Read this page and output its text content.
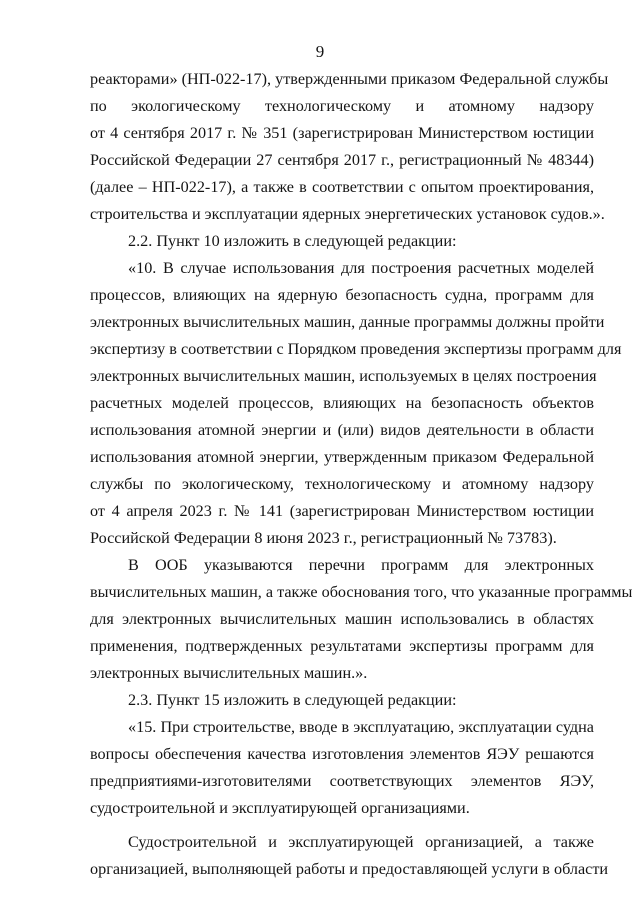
9
реакторами» (НП-022-17), утвержденными приказом Федеральной службы
по экологическому технологическому и атомному надзору
от 4 сентября 2017 г. № 351 (зарегистрирован Министерством юстиции
Российской Федерации 27 сентября 2017 г., регистрационный № 48344)
(далее – НП-022-17), а также в соответствии с опытом проектирования,
строительства и эксплуатации ядерных энергетических установок судов.».
2.2. Пункт 10 изложить в следующей редакции:
«10. В случае использования для построения расчетных моделей
процессов, влияющих на ядерную безопасность судна, программ для
электронных вычислительных машин, данные программы должны пройти
экспертизу в соответствии с Порядком проведения экспертизы программ для
электронных вычислительных машин, используемых в целях построения
расчетных моделей процессов, влияющих на безопасность объектов
использования атомной энергии и (или) видов деятельности в области
использования атомной энергии, утвержденным приказом Федеральной
службы по экологическому, технологическому и атомному надзору
от 4 апреля 2023 г. № 141 (зарегистрирован Министерством юстиции
Российской Федерации 8 июня 2023 г., регистрационный № 73783).
В ООБ указываются перечни программ для электронных
вычислительных машин, а также обоснования того, что указанные программы
для электронных вычислительных машин использовались в областях
применения, подтвержденных результатами экспертизы программ для
электронных вычислительных машин.».
2.3. Пункт 15 изложить в следующей редакции:
«15. При строительстве, вводе в эксплуатацию, эксплуатации судна
вопросы обеспечения качества изготовления элементов ЯЭУ решаются
предприятиями-изготовителями соответствующих элементов ЯЭУ,
судостроительной и эксплуатирующей организациями.
Судостроительной и эксплуатирующей организацией, а также
организацией, выполняющей работы и предоставляющей услуги в области
